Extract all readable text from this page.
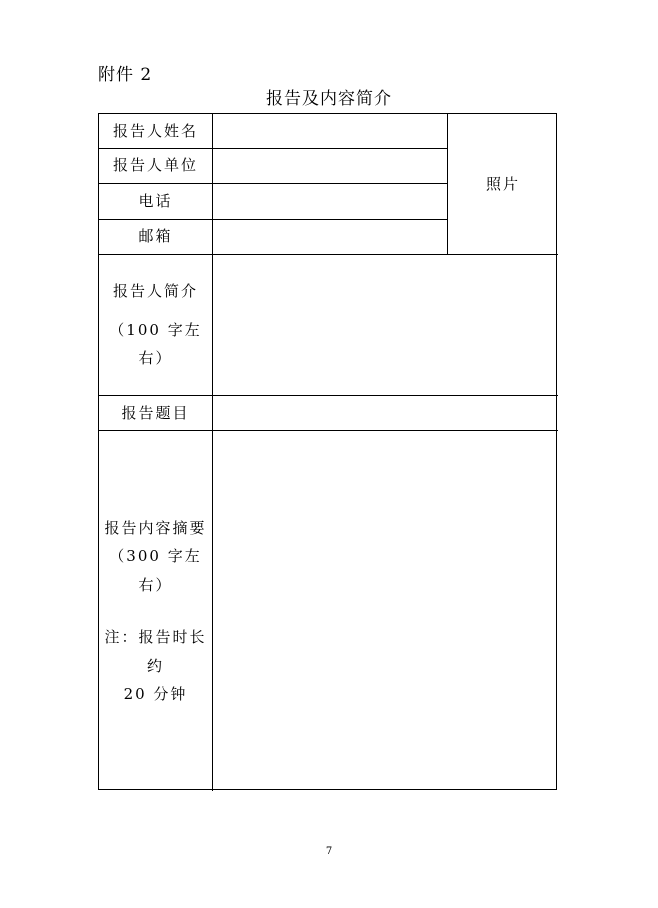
附件 2
报告及内容简介
报告人姓名
报告人单位
电话
邮箱
照片
报告人简介
（100 字左右）
报告题目
报告内容摘要
（300 字左右）
注：报告时长约
20 分钟
7
